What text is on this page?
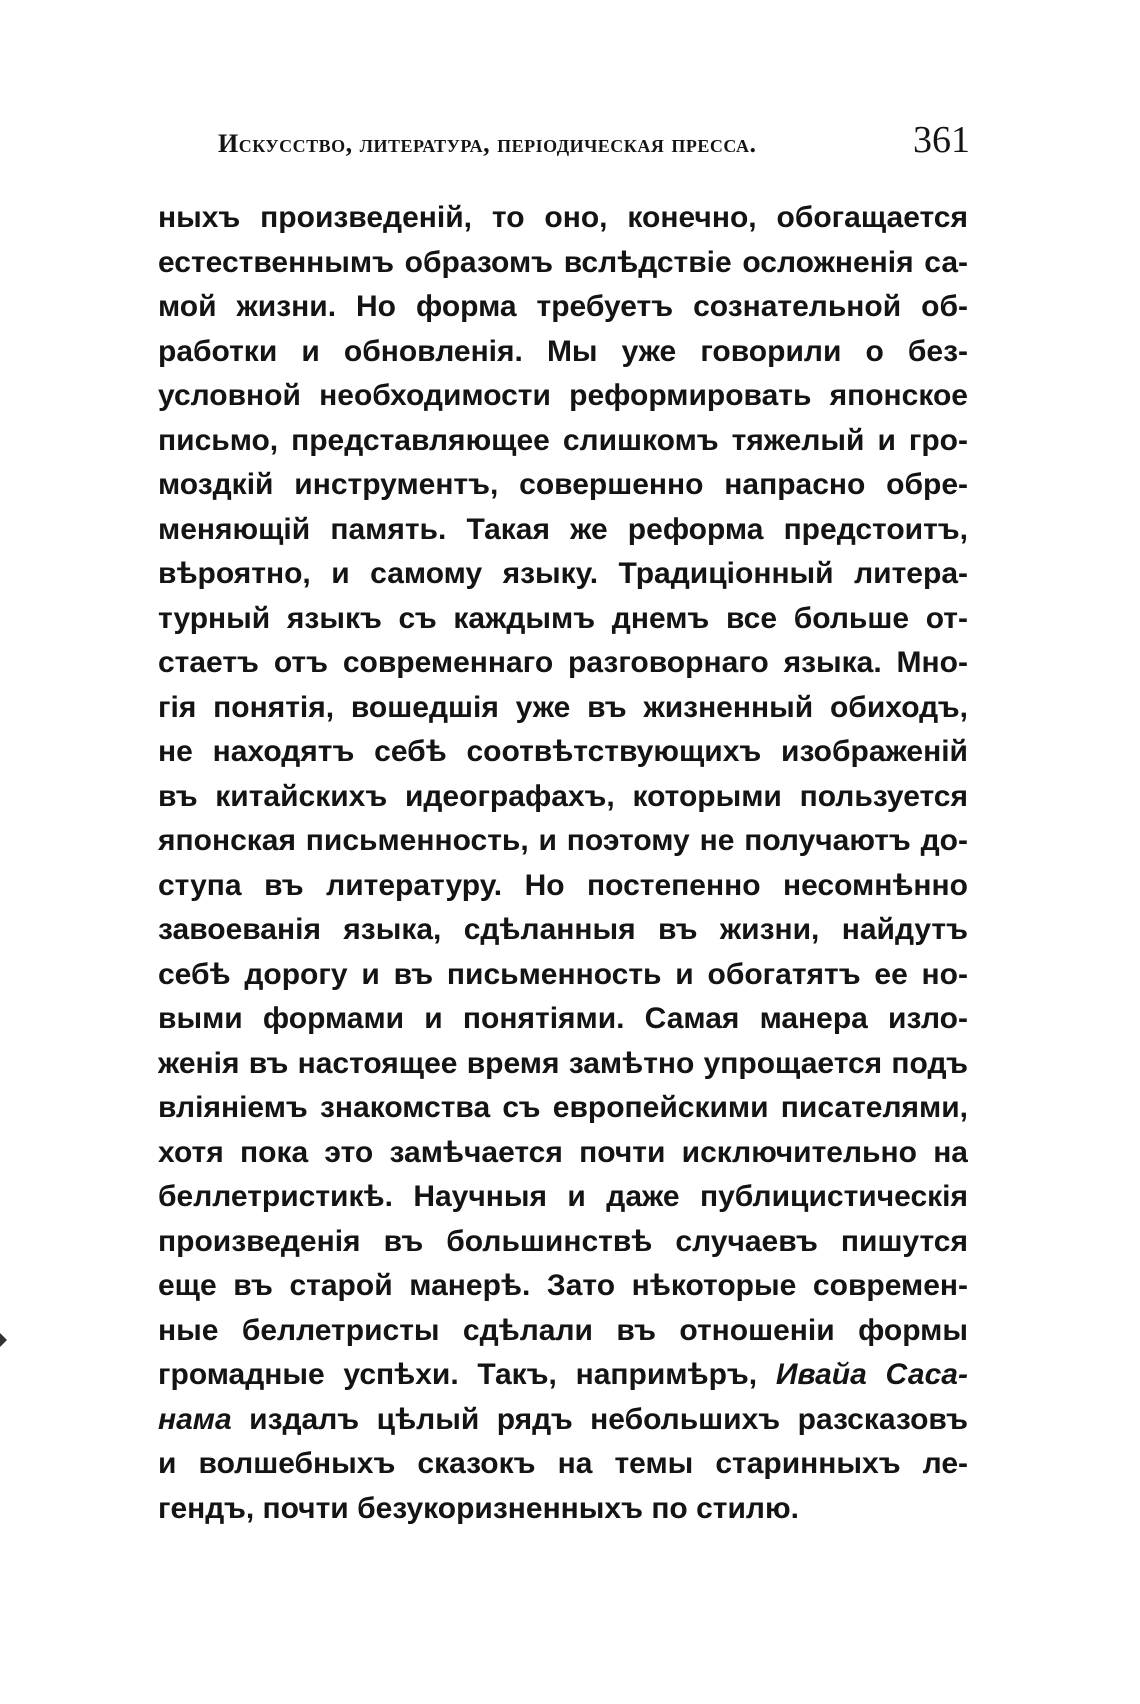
Искусство, литература, періодическая пресса.	361
ныхъ произведеній, то оно, конечно, обогащается
естественнымъ образомъ вслѣдствіе осложненія са-
мой жизни. Но форма требуетъ сознательной об-
работки и обновленія. Мы уже говорили о без-
условной необходимости реформировать японское
письмо, представляющее слишкомъ тяжелый и гро-
моздкій инструментъ, совершенно напрасно обре-
меняющій память. Такая же реформа предстоитъ,
вѣроятно, и самому языку. Традиціонный литера-
турный языкъ съ каждымъ днемъ все больше от-
стаетъ отъ современнаго разговорнаго языка. Мно-
гія понятія, вошедшія уже въ жизненный обиходъ,
не находятъ себѣ соотвѣтствующихъ изображеній
въ китайскихъ идеографахъ, которыми пользуется
японская письменность, и поэтому не получаютъ до-
ступа въ литературу. Но постепенно несомнѣнно
завоеванія языка, сдѣланныя въ жизни, найдутъ
себѣ дорогу и въ письменность и обогатятъ ее но-
выми формами и понятіями. Самая манера изло-
женія въ настоящее время замѣтно упрощается подъ
вліяніемъ знакомства съ европейскими писателями,
хотя пока это замѣчается почти исключительно на
беллетристикѣ. Научныя и даже публицистическія
произведенія въ большинствѣ случаевъ пишутся
еще въ старой манерѣ. Зато нѣкоторые современ-
ные беллетристы сдѣлали въ отношеніи формы
громадные успѣхи. Такъ, напримѣръ, Ивайа Саса-
нама издалъ цѣлый рядъ небольшихъ разсказовъ
и волшебныхъ сказокъ на темы старинныхъ ле-
гендъ, почти безукоризненныхъ по стилю.
